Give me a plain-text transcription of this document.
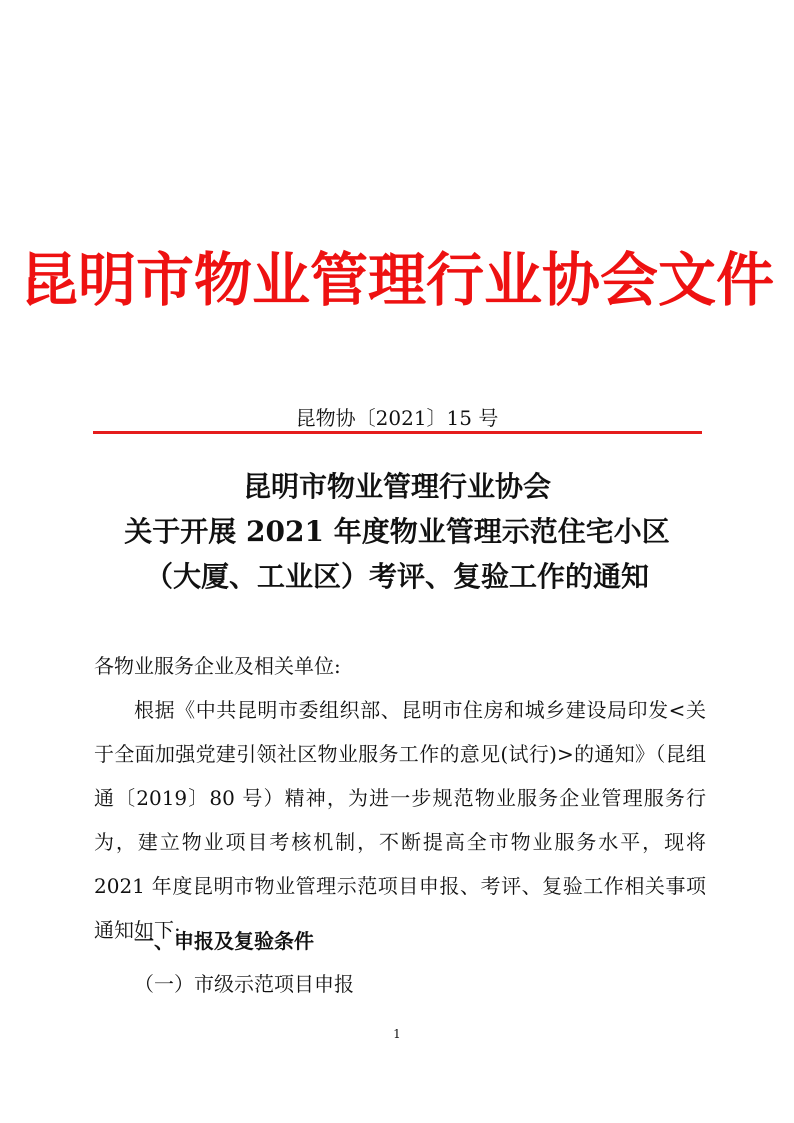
昆明市物业管理行业协会文件
昆物协〔2021〕15 号
昆明市物业管理行业协会
关于开展 2021 年度物业管理示范住宅小区
（大厦、工业区）考评、复验工作的通知
各物业服务企业及相关单位:

根据《中共昆明市委组织部、昆明市住房和城乡建设局印发<关于全面加强党建引领社区物业服务工作的意见(试行)>的通知》（昆组通〔2019〕80 号）精神，为进一步规范物业服务企业管理服务行为，建立物业项目考核机制，不断提高全市物业服务水平，现将 2021 年度昆明市物业管理示范项目申报、考评、复验工作相关事项通知如下:

一、申报及复验条件
（一）市级示范项目申报
1
